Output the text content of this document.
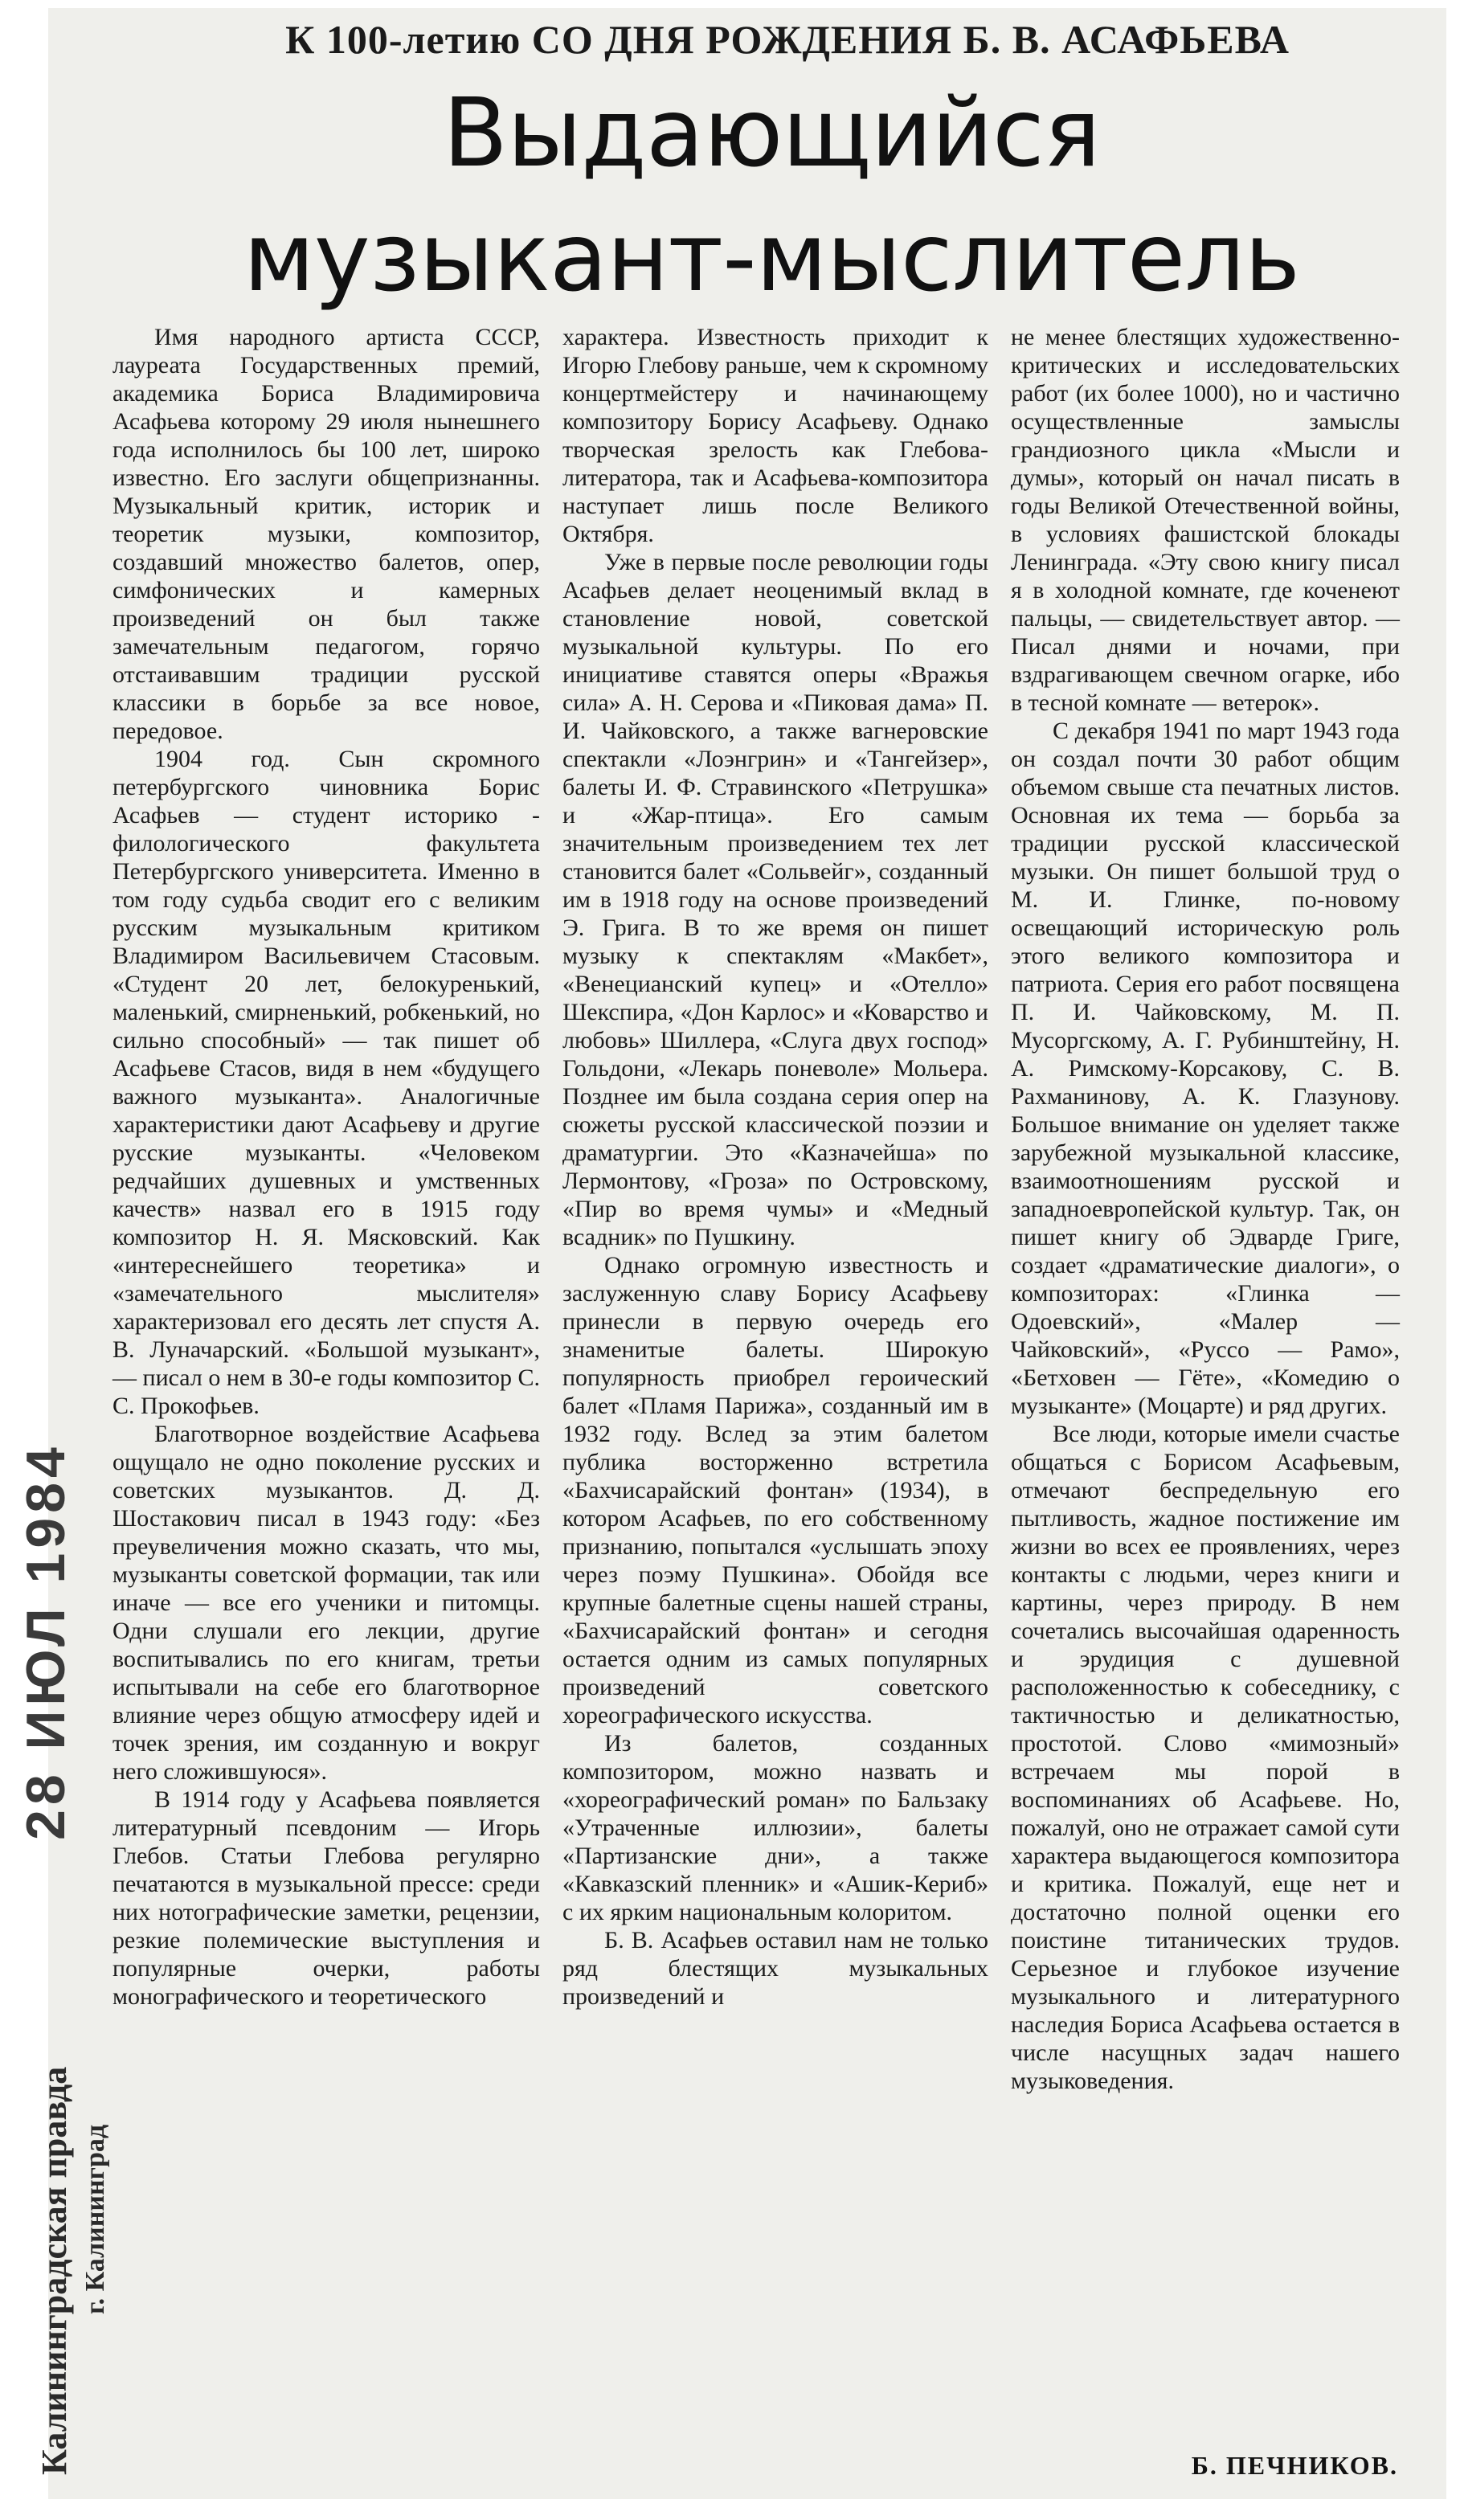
К 100-летию СО ДНЯ РОЖДЕНИЯ Б. В. АСАФЬЕВА
Выдающийся
музыкант-мыслитель

Имя народного артиста СССР, лауреата Государственных премий, академика Бориса Владимировича Асафьева которому 29 июля нынешнего года исполнилось бы 100 лет, широко известно. Его заслуги общепризнанны. Музыкальный критик, историк и теоретик музыки, композитор, создавший множество балетов, опер, симфонических и камерных произведений он был также замечательным педагогом, горячо отстаивавшим традиции русской классики в борьбе за все новое, передовое.

1904 год. Сын скромного петербургского чиновника Борис Асафьев — студент историко - филологического факультета Петербургского университета. Именно в том году судьба сводит его с великим русским музыкальным критиком Владимиром Васильевичем Стасовым. «Студент 20 лет, белокуренький, маленький, смирненький, робкенький, но сильно способный» — так пишет об Асафьеве Стасов, видя в нем «будущего важного музыканта». Аналогичные характеристики дают Асафьеву и другие русские музыканты. «Человеком редчайших душевных и умственных качеств» назвал его в 1915 году композитор Н. Я. Мясковский. Как «интереснейшего теоретика» и «замечательного мыслителя» характеризовал его десять лет спустя А. В. Луначарский. «Большой музыкант», — писал о нем в 30-е годы композитор С. С. Прокофьев.

Благотворное воздействие Асафьева ощущало не одно поколение русских и советских музыкантов. Д. Д. Шостакович писал в 1943 году: «Без преувеличения можно сказать, что мы, музыканты советской формации, так или иначе — все его ученики и питомцы. Одни слушали его лекции, другие воспитывались по его книгам, третьи испытывали на себе его благотворное влияние через общую атмосферу идей и точек зрения, им созданную и вокруг него сложившуюся».

В 1914 году у Асафьева появляется литературный псевдоним — Игорь Глебов. Статьи Глебова регулярно печатаются в музыкальной прессе: среди них нотографические заметки, рецензии, резкие полемические выступления и популярные очерки, работы монографического и теоретического

характера. Известность приходит к Игорю Глебову раньше, чем к скромному концертмейстеру и начинающему композитору Борису Асафьеву. Однако творческая зрелость как Глебова-литератора, так и Асафьева-композитора наступает лишь после Великого Октября.

Уже в первые после революции годы Асафьев делает неоценимый вклад в становление новой, советской музыкальной культуры. По его инициативе ставятся оперы «Вражья сила» А. Н. Серова и «Пиковая дама» П. И. Чайковского, а также вагнеровские спектакли «Лоэнгрин» и «Тангейзер», балеты И. Ф. Стравинского «Петрушка» и «Жар-птица». Его самым значительным произведением тех лет становится балет «Сольвейг», созданный им в 1918 году на основе произведений Э. Грига. В то же время он пишет музыку к спектаклям «Макбет», «Венецианский купец» и «Отелло» Шекспира, «Дон Карлос» и «Коварство и любовь» Шиллера, «Слуга двух господ» Гольдони, «Лекарь поневоле» Мольера. Позднее им была создана серия опер на сюжеты русской классической поэзии и драматургии. Это «Казначейша» по Лермонтову, «Гроза» по Островскому, «Пир во время чумы» и «Медный всадник» по Пушкину.

Однако огромную известность и заслуженную славу Борису Асафьеву принесли в первую очередь его знаменитые балеты. Широкую популярность приобрел героический балет «Пламя Парижа», созданный им в 1932 году. Вслед за этим балетом публика восторженно встретила «Бахчисарайский фонтан» (1934), в котором Асафьев, по его собственному признанию, попытался «услышать эпоху через поэму Пушкина». Обойдя все крупные балетные сцены нашей страны, «Бахчисарайский фонтан» и сегодня остается одним из самых популярных произведений советского хореографического искусства.

Из балетов, созданных композитором, можно назвать и «хореографический роман» по Бальзаку «Утраченные иллюзии», балеты «Партизанские дни», а также «Кавказский пленник» и «Ашик-Кериб» с их ярким национальным колоритом.

Б. В. Асафьев оставил нам не только ряд блестящих музыкальных произведений и

не менее блестящих художественно-критических и исследовательских работ (их более 1000), но и частично осуществленные замыслы грандиозного цикла «Мысли и думы», который он начал писать в годы Великой Отечественной войны, в условиях фашистской блокады Ленинграда. «Эту свою книгу писал я в холодной комнате, где коченеют пальцы, — свидетельствует автор. — Писал днями и ночами, при вздрагивающем свечном огарке, ибо в тесной комнате — ветерок».

С декабря 1941 по март 1943 года он создал почти 30 работ общим объемом свыше ста печатных листов. Основная их тема — борьба за традиции русской классической музыки. Он пишет большой труд о М. И. Глинке, по-новому освещающий историческую роль этого великого композитора и патриота. Серия его работ посвящена П. И. Чайковскому, М. П. Мусоргскому, А. Г. Рубинштейну, Н. А. Римскому-Корсакову, С. В. Рахманинову, А. К. Глазунову. Большое внимание он уделяет также зарубежной музыкальной классике, взаимоотношениям русской и западноевропейской культур. Так, он пишет книгу об Эдварде Григе, создает «драматические диалоги», о композиторах: «Глинка — Одоевский», «Малер — Чайковский», «Руссо — Рамо», «Бетховен — Гёте», «Комедию о музыканте» (Моцарте) и ряд других.

Все люди, которые имели счастье общаться с Борисом Асафьевым, отмечают беспредельную его пытливость, жадное постижение им жизни во всех ее проявлениях, через контакты с людьми, через книги и картины, через природу. В нем сочетались высочайшая одаренность и эрудиция с душевной расположенностью к собеседнику, с тактичностью и деликатностью, простотой. Слово «мимозный» встречаем мы порой в воспоминаниях об Асафьеве. Но, пожалуй, оно не отражает самой сути характера выдающегося композитора и критика. Пожалуй, еще нет и достаточно полной оценки его поистине титанических трудов. Серьезное и глубокое изучение музыкального и литературного наследия Бориса Асафьева остается в числе насущных задач нашего музыковедения.

Б. ПЕЧНИКОВ.
28 ИЮЛ 1984
Калининградская правда г. Калининград
